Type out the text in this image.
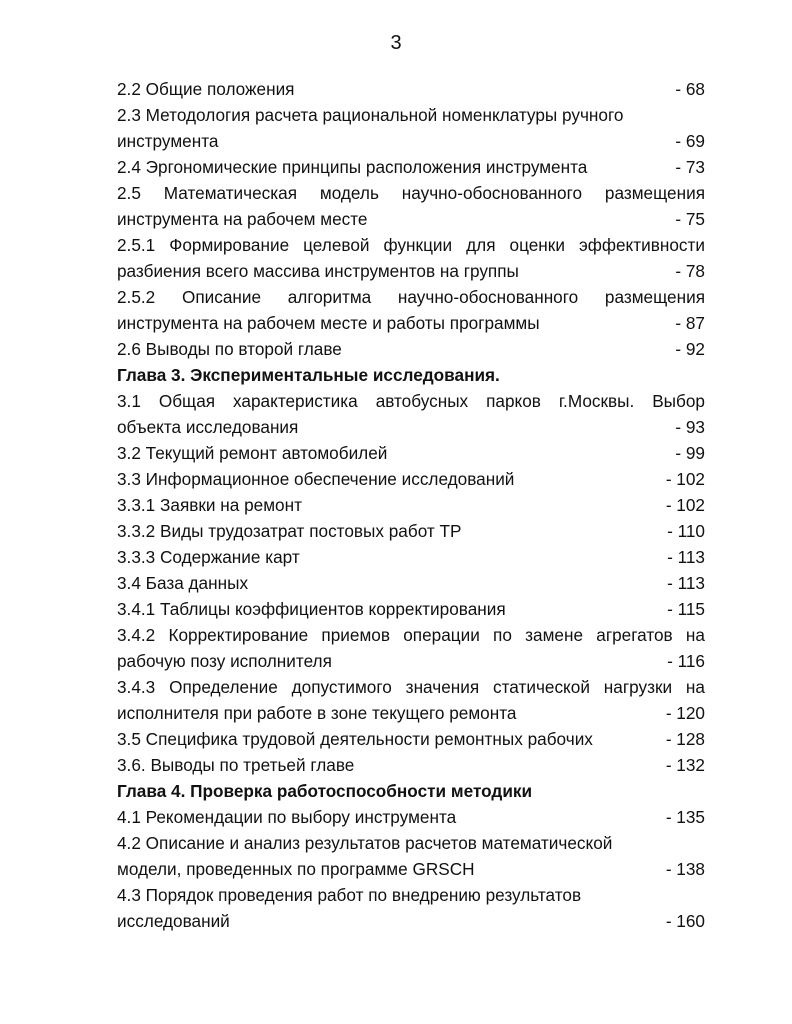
3
2.2 Общие положения	- 68
2.3 Методология расчета рациональной номенклатуры ручного
инструмента	- 69
2.4 Эргономические принципы расположения инструмента	- 73
2.5 Математическая модель научно-обоснованного размещения
инструмента на рабочем месте	- 75
2.5.1 Формирование целевой функции для оценки эффективности
разбиения всего массива инструментов на группы	- 78
2.5.2 Описание алгоритма научно-обоснованного размещения
инструмента на рабочем месте и работы программы	- 87
2.6 Выводы по второй главе	- 92
Глава 3. Экспериментальные исследования.
3.1 Общая характеристика автобусных парков г.Москвы. Выбор
объекта исследования	- 93
3.2 Текущий ремонт автомобилей	- 99
3.3 Информационное обеспечение исследований	- 102
3.3.1 Заявки на ремонт	- 102
3.3.2 Виды трудозатрат постовых работ ТР	- 110
3.3.3 Содержание карт	- 113
3.4 База данных	- 113
3.4.1 Таблицы коэффициентов корректирования	- 115
3.4.2 Корректирование приемов операции по замене агрегатов на
рабочую позу исполнителя	- 116
3.4.3 Определение допустимого значения статической нагрузки на
исполнителя при работе в зоне текущего ремонта	- 120
3.5 Специфика трудовой деятельности ремонтных рабочих	- 128
3.6. Выводы по третьей главе	- 132
Глава 4. Проверка работоспособности методики
4.1 Рекомендации по выбору инструмента	- 135
4.2 Описание и анализ результатов расчетов математической
модели, проведенных по программе GRSCH	- 138
4.3 Порядок проведения работ по внедрению результатов
исследований	- 160
